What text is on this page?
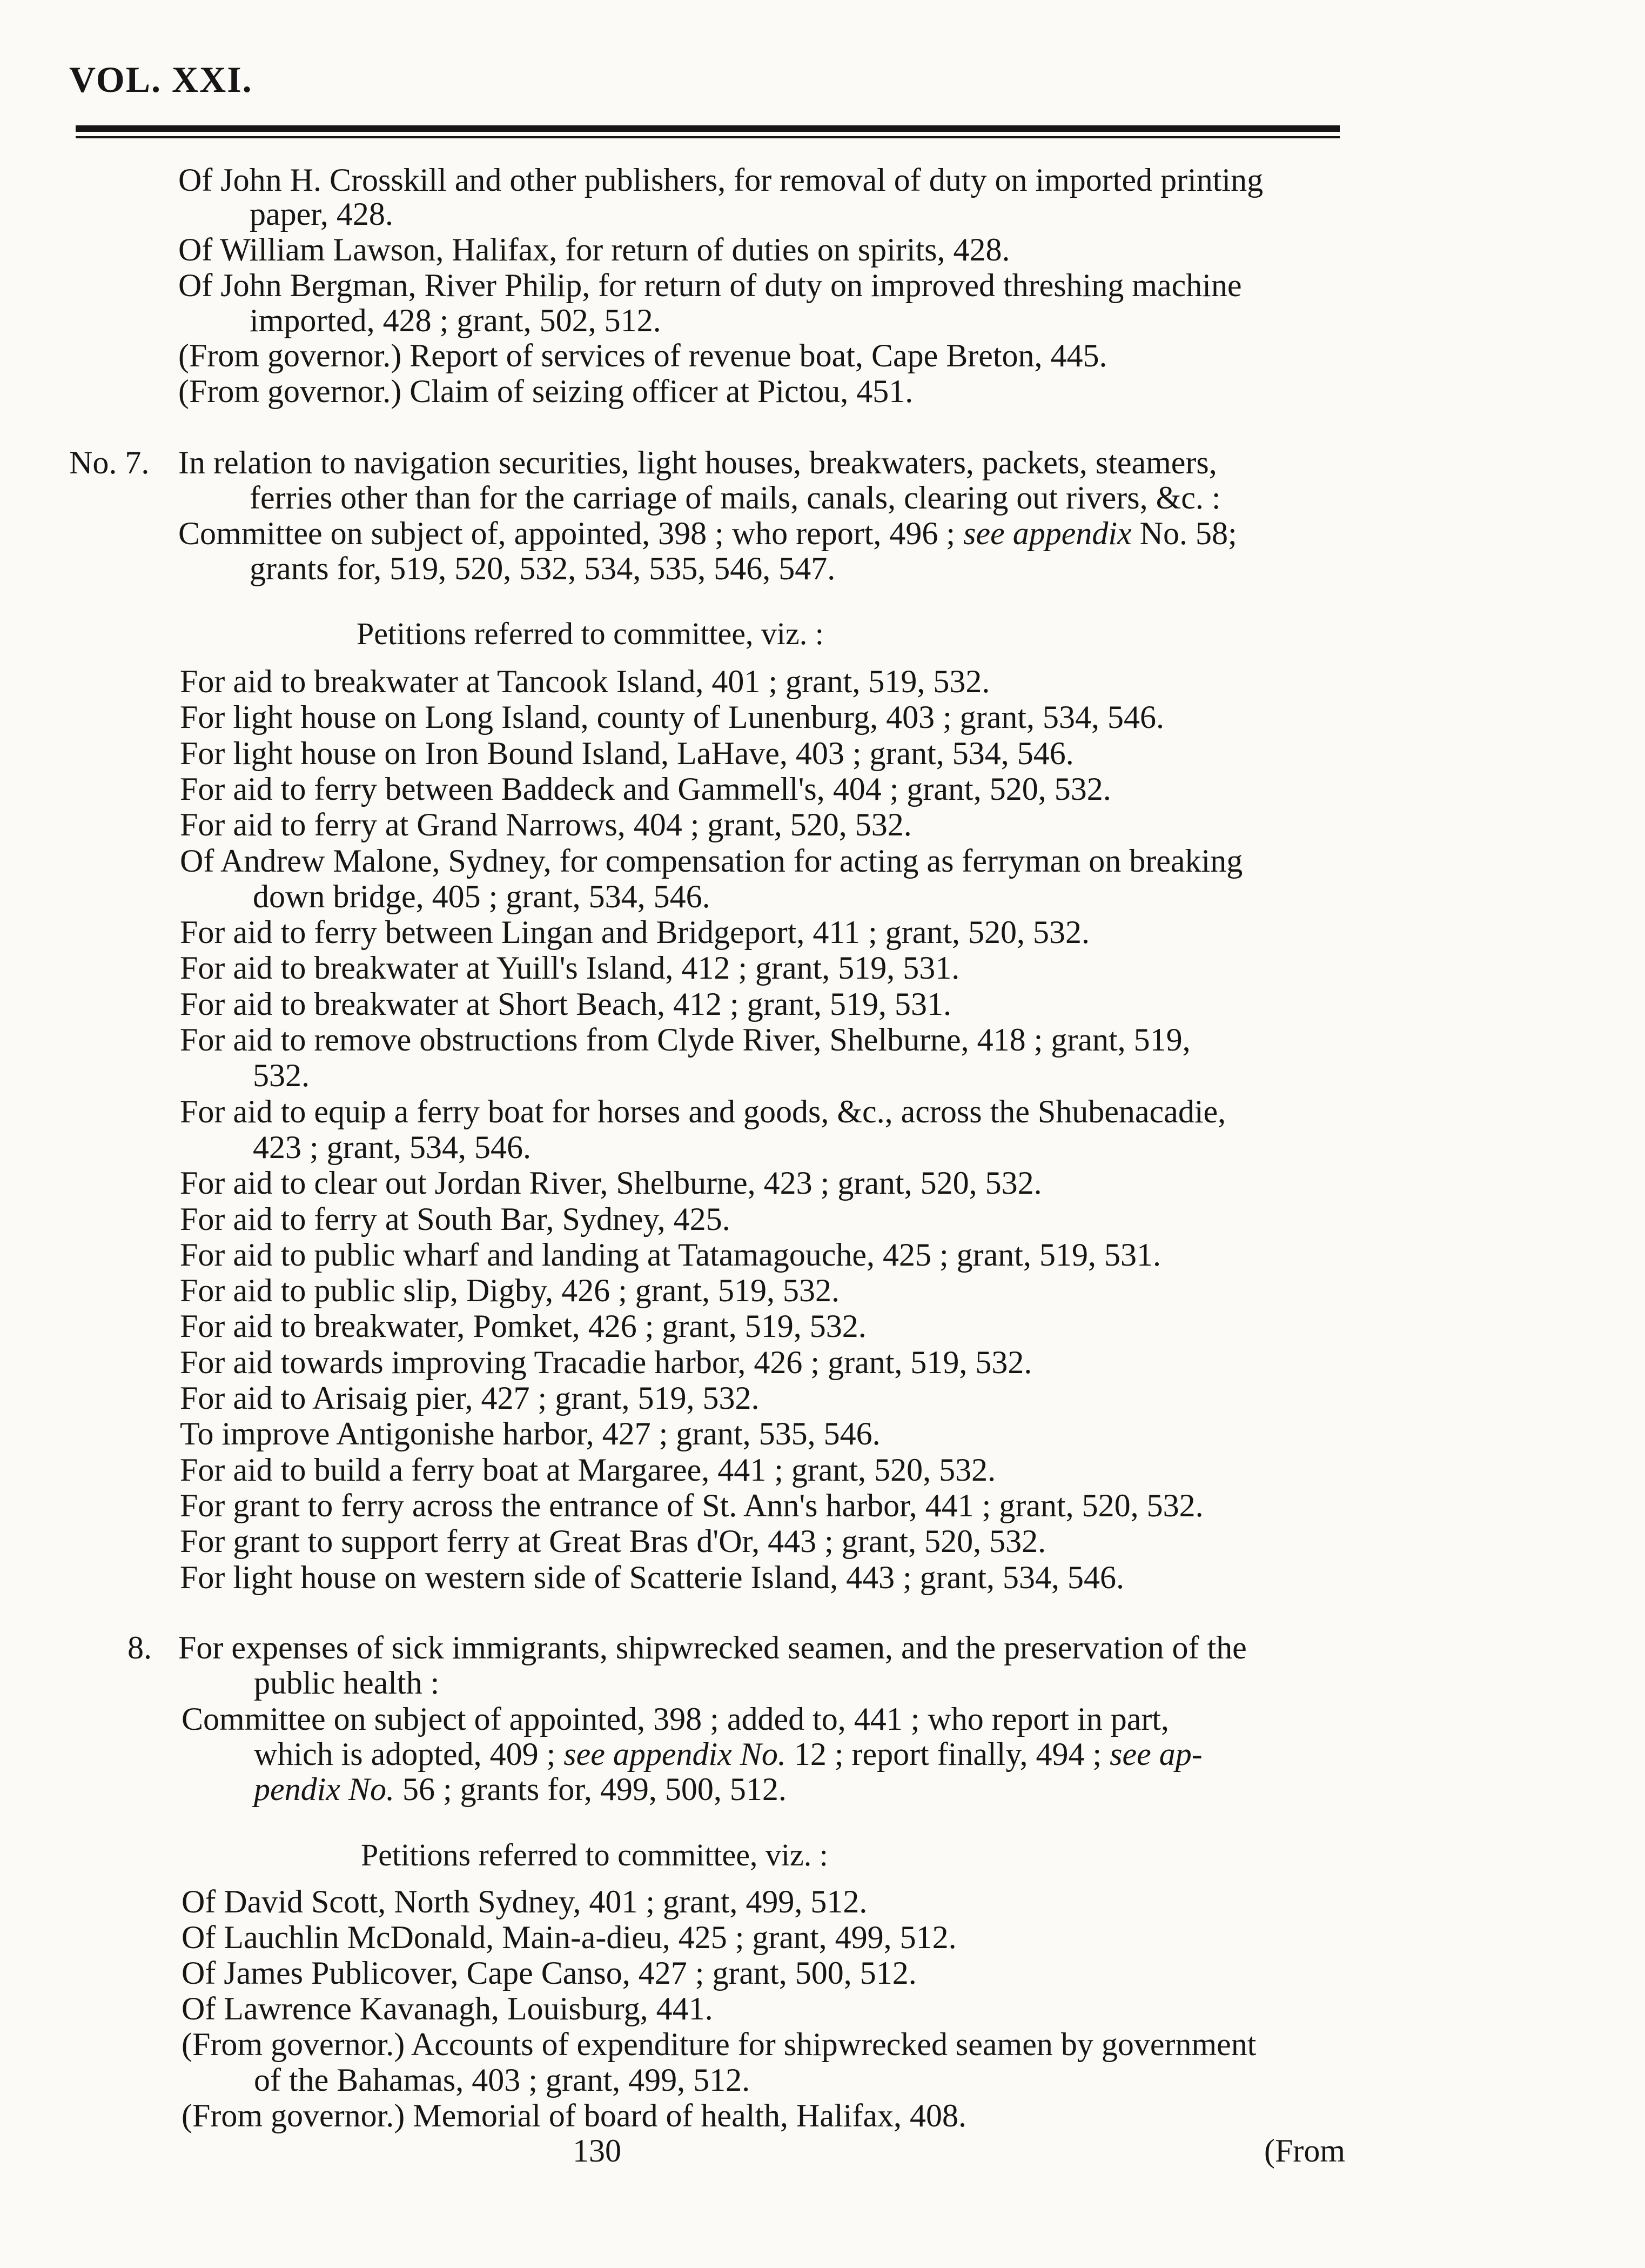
VOL. XXI.
Of John H. Crosskill and other publishers, for removal of duty on imported printing
paper, 428.
Of William Lawson, Halifax, for return of duties on spirits, 428.
Of John Bergman, River Philip, for return of duty on improved threshing machine
imported, 428 ; grant, 502, 512.
(From governor.) Report of services of revenue boat, Cape Breton, 445.
(From governor.) Claim of seizing officer at Pictou, 451.
No. 7. In relation to navigation securities, light houses, breakwaters, packets, steamers,
ferries other than for the carriage of mails, canals, clearing out rivers, &c. :
Committee on subject of, appointed, 398 ; who report, 496 ; see appendix No. 58;
grants for, 519, 520, 532, 534, 535, 546, 547.
Petitions referred to committee, viz. :
For aid to breakwater at Tancook Island, 401 ; grant, 519, 532.
For light house on Long Island, county of Lunenburg, 403 ; grant, 534, 546.
For light house on Iron Bound Island, LaHave, 403 ; grant, 534, 546.
For aid to ferry between Baddeck and Gammell's, 404 ; grant, 520, 532.
For aid to ferry at Grand Narrows, 404 ; grant, 520, 532.
Of Andrew Malone, Sydney, for compensation for acting as ferryman on breaking
down bridge, 405 ; grant, 534, 546.
For aid to ferry between Lingan and Bridgeport, 411 ; grant, 520, 532.
For aid to breakwater at Yuill's Island, 412 ; grant, 519, 531.
For aid to breakwater at Short Beach, 412 ; grant, 519, 531.
For aid to remove obstructions from Clyde River, Shelburne, 418 ; grant, 519,
532.
For aid to equip a ferry boat for horses and goods, &c., across the Shubenacadie,
423 ; grant, 534, 546.
For aid to clear out Jordan River, Shelburne, 423 ; grant, 520, 532.
For aid to ferry at South Bar, Sydney, 425.
For aid to public wharf and landing at Tatamagouche, 425 ; grant, 519, 531.
For aid to public slip, Digby, 426 ; grant, 519, 532.
For aid to breakwater, Pomket, 426 ; grant, 519, 532.
For aid towards improving Tracadie harbor, 426 ; grant, 519, 532.
For aid to Arisaig pier, 427 ; grant, 519, 532.
To improve Antigonishe harbor, 427 ; grant, 535, 546.
For aid to build a ferry boat at Margaree, 441 ; grant, 520, 532.
For grant to ferry across the entrance of St. Ann's harbor, 441 ; grant, 520, 532.
For grant to support ferry at Great Bras d'Or, 443 ; grant, 520, 532.
For light house on western side of Scatterie Island, 443 ; grant, 534, 546.
8. For expenses of sick immigrants, shipwrecked seamen, and the preservation of the
public health :
Committee on subject of appointed, 398 ; added to, 441 ; who report in part,
which is adopted, 409 ; see appendix No. 12 ; report finally, 494 ; see ap-
pendix No. 56 ; grants for, 499, 500, 512.
Petitions referred to committee, viz. :
Of David Scott, North Sydney, 401 ; grant, 499, 512.
Of Lauchlin McDonald, Main-a-dieu, 425 ; grant, 499, 512.
Of James Publicover, Cape Canso, 427 ; grant, 500, 512.
Of Lawrence Kavanagh, Louisburg, 441.
(From governor.) Accounts of expenditure for shipwrecked seamen by government
of the Bahamas, 403 ; grant, 499, 512.
(From governor.) Memorial of board of health, Halifax, 408.
130	(From
